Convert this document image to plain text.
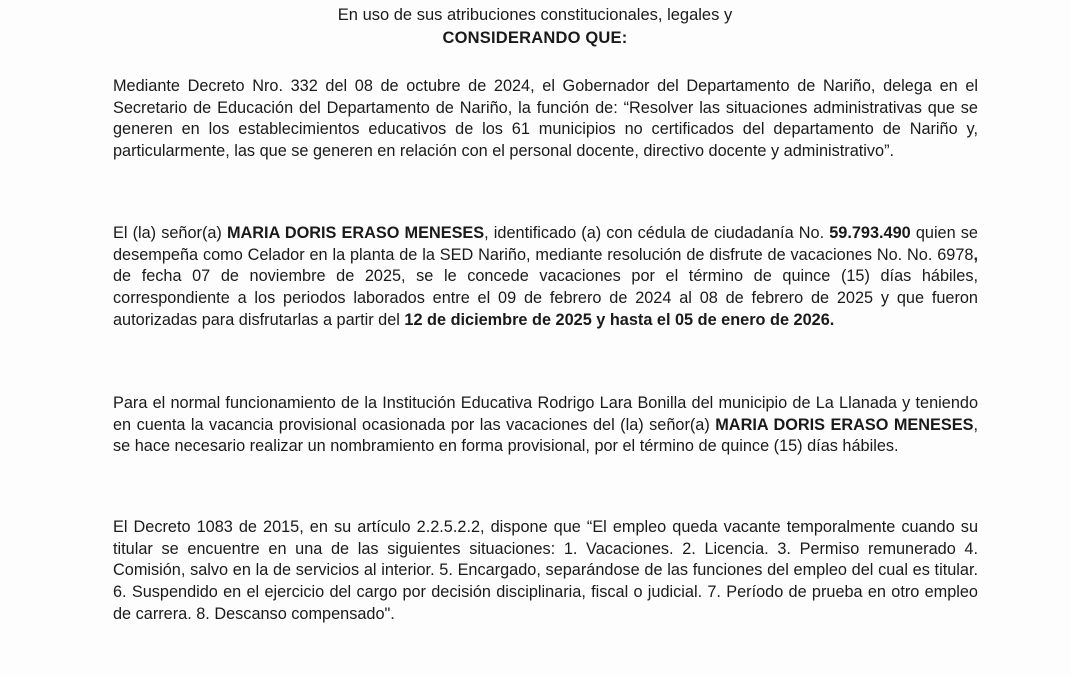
En uso de sus atribuciones constitucionales, legales y
CONSIDERANDO QUE:

Mediante Decreto Nro. 332 del 08 de octubre de 2024, el Gobernador del Departamento de Nariño, delega en el Secretario de Educación del Departamento de Nariño, la función de: “Resolver las situaciones administrativas que se generen en los establecimientos educativos de los 61 municipios no certificados del departamento de Nariño y, particularmente, las que se generen en relación con el personal docente, directivo docente y administrativo”.

El (la) señor(a) MARIA DORIS ERASO MENESES, identificado (a) con cédula de ciudadanía No. 59.793.490 quien se desempeña como Celador en la planta de la SED Nariño, mediante resolución de disfrute de vacaciones No. No. 6978, de fecha 07 de noviembre de 2025, se le concede vacaciones por el término de quince (15) días hábiles, correspondiente a los periodos laborados entre el 09 de febrero de 2024 al 08 de febrero de 2025 y que fueron autorizadas para disfrutarlas a partir del 12 de diciembre de 2025 y hasta el 05 de enero de 2026.

Para el normal funcionamiento de la Institución Educativa Rodrigo Lara Bonilla del municipio de La Llanada y teniendo en cuenta la vacancia provisional ocasionada por las vacaciones del (la) señor(a) MARIA DORIS ERASO MENESES, se hace necesario realizar un nombramiento en forma provisional, por el término de quince (15) días hábiles.

El Decreto 1083 de 2015, en su artículo 2.2.5.2.2, dispone que “El empleo queda vacante temporalmente cuando su titular se encuentre en una de las siguientes situaciones: 1. Vacaciones. 2. Licencia. 3. Permiso remunerado 4. Comisión, salvo en la de servicios al interior. 5. Encargado, separándose de las funciones del empleo del cual es titular. 6. Suspendido en el ejercicio del cargo por decisión disciplinaria, fiscal o judicial. 7. Período de prueba en otro empleo de carrera. 8. Descanso compensado".
